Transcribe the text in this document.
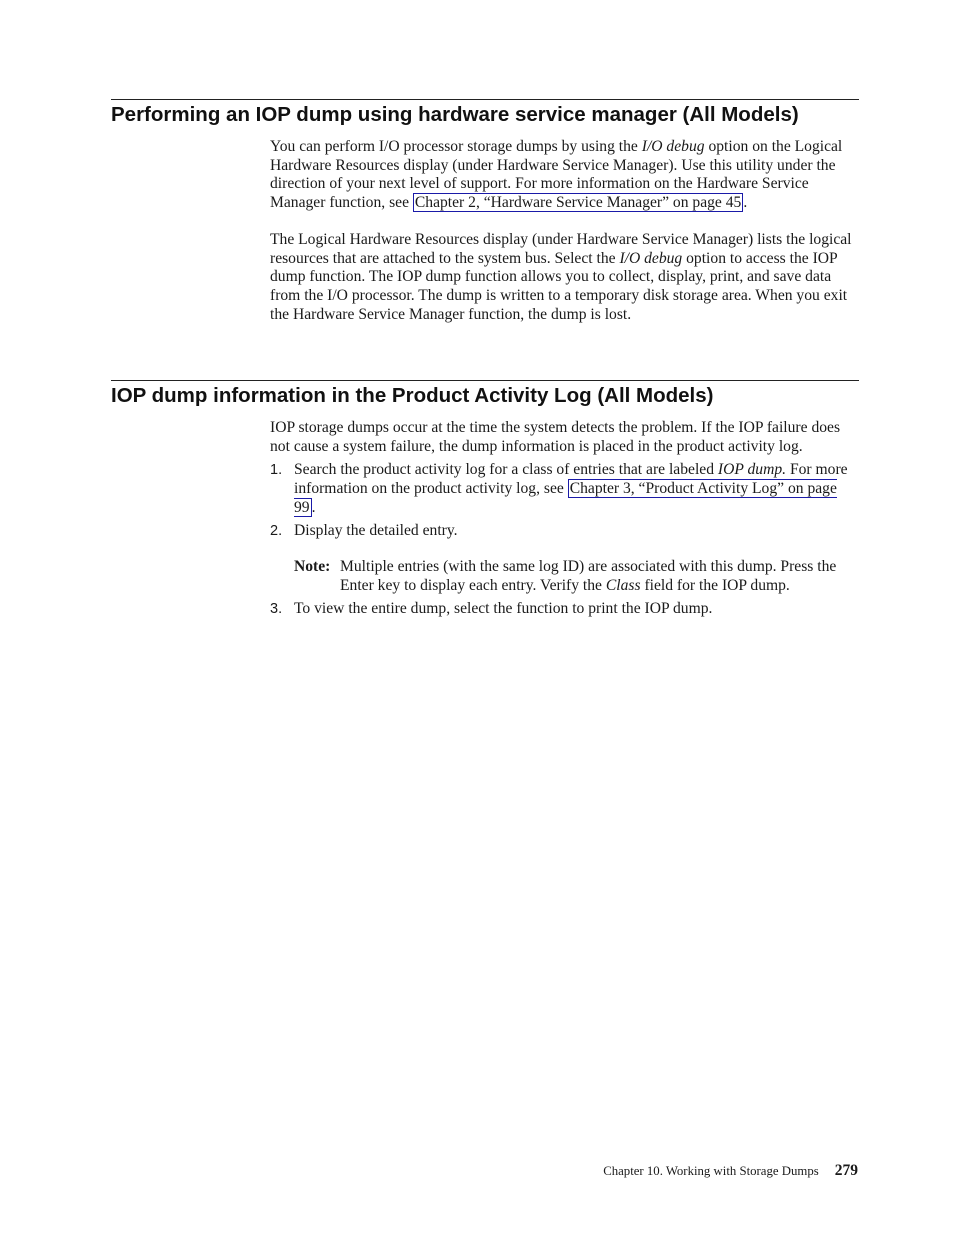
Performing an IOP dump using hardware service manager (All Models)

You can perform I/O processor storage dumps by using the I/O debug option on the Logical Hardware Resources display (under Hardware Service Manager). Use this utility under the direction of your next level of support. For more information on the Hardware Service Manager function, see Chapter 2, “Hardware Service Manager” on page 45 .

The Logical Hardware Resources display (under Hardware Service Manager) lists the logical resources that are attached to the system bus. Select the I/O debug option to access the IOP dump function. The IOP dump function allows you to collect, display, print, and save data from the I/O processor. The dump is written to a temporary disk storage area. When you exit the Hardware Service Manager function, the dump is lost.

IOP dump information in the Product Activity Log (All Models)

IOP storage dumps occur at the time the system detects the problem. If the IOP failure does not cause a system failure, the dump information is placed in the product activity log.

1. Search the product activity log for a class of entries that are labeled IOP dump. For more information on the product activity log, see Chapter 3, “Product Activity Log” on page 99 .
2. Display the detailed entry.
Note: Multiple entries (with the same log ID) are associated with this dump. Press the Enter key to display each entry. Verify the Class field for the IOP dump.
3. To view the entire dump, select the function to print the IOP dump.
Chapter 10. Working with Storage Dumps 279
